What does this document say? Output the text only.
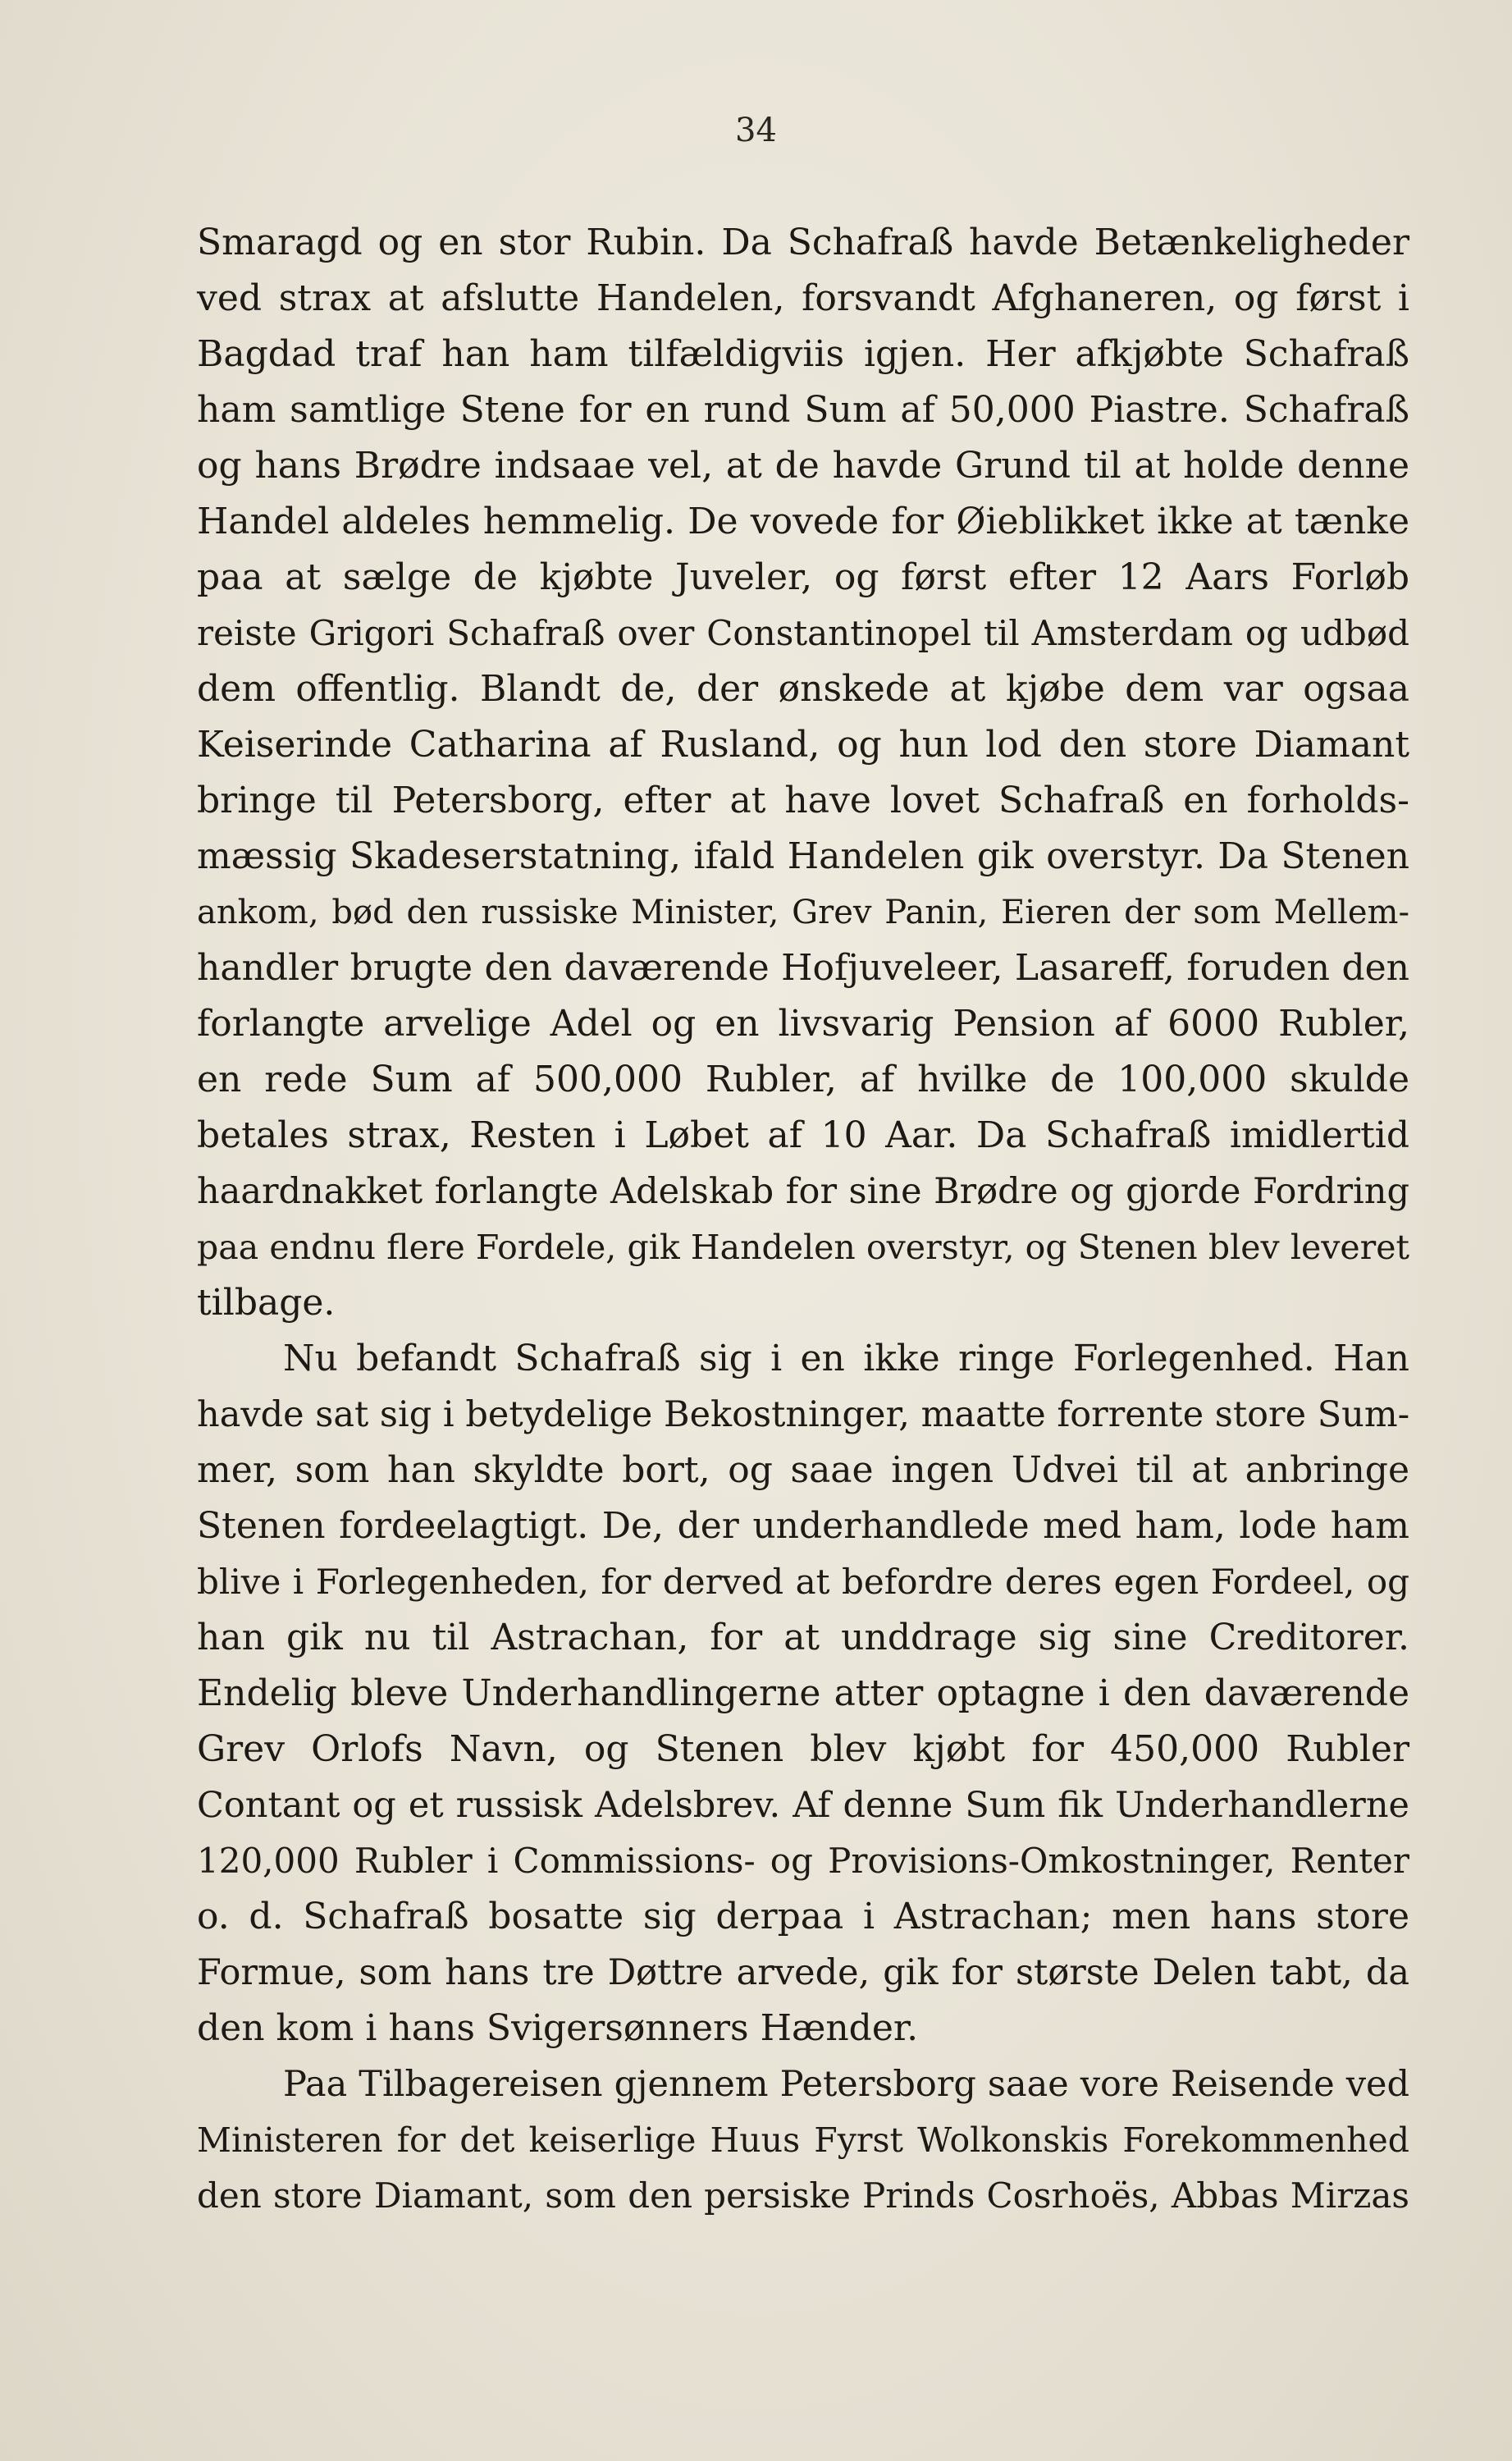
34
Smaragd og en stor Rubin. Da Schafraß havde Betænkeligheder
ved strax at afslutte Handelen, forsvandt Afghaneren, og først i
Bagdad traf han ham tilfældigviis igjen. Her afkjøbte Schafraß
ham samtlige Stene for en rund Sum af 50,000 Piastre. Schafraß
og hans Brødre indsaae vel, at de havde Grund til at holde denne
Handel aldeles hemmelig. De vovede for Øieblikket ikke at tænke
paa at sælge de kjøbte Juveler, og først efter 12 Aars Forløb
reiste Grigori Schafraß over Constantinopel til Amsterdam og udbød
dem offentlig. Blandt de, der ønskede at kjøbe dem var ogsaa
Keiserinde Catharina af Rusland, og hun lod den store Diamant
bringe til Petersborg, efter at have lovet Schafraß en forholds-
mæssig Skadeserstatning, ifald Handelen gik overstyr. Da Stenen
ankom, bød den russiske Minister, Grev Panin, Eieren der som Mellem-
handler brugte den daværende Hofjuveleer, Lasareff, foruden den
forlangte arvelige Adel og en livsvarig Pension af 6000 Rubler,
en rede Sum af 500,000 Rubler, af hvilke de 100,000 skulde
betales strax, Resten i Løbet af 10 Aar. Da Schafraß imidlertid
haardnakket forlangte Adelskab for sine Brødre og gjorde Fordring
paa endnu flere Fordele, gik Handelen overstyr, og Stenen blev leveret
tilbage.
Nu befandt Schafraß sig i en ikke ringe Forlegenhed. Han
havde sat sig i betydelige Bekostninger, maatte forrente store Sum-
mer, som han skyldte bort, og saae ingen Udvei til at anbringe
Stenen fordeelagtigt. De, der underhandlede med ham, lode ham
blive i Forlegenheden, for derved at befordre deres egen Fordeel, og
han gik nu til Astrachan, for at unddrage sig sine Creditorer.
Endelig bleve Underhandlingerne atter optagne i den daværende
Grev Orlofs Navn, og Stenen blev kjøbt for 450,000 Rubler
Contant og et russisk Adelsbrev. Af denne Sum fik Underhandlerne
120,000 Rubler i Commissions- og Provisions-Omkostninger, Renter
o. d. Schafraß bosatte sig derpaa i Astrachan; men hans store
Formue, som hans tre Døttre arvede, gik for største Delen tabt, da
den kom i hans Svigersønners Hænder.
Paa Tilbagereisen gjennem Petersborg saae vore Reisende ved
Ministeren for det keiserlige Huus Fyrst Wolkonskis Forekommenhed
den store Diamant, som den persiske Prinds Cosrhoës, Abbas Mirzas
